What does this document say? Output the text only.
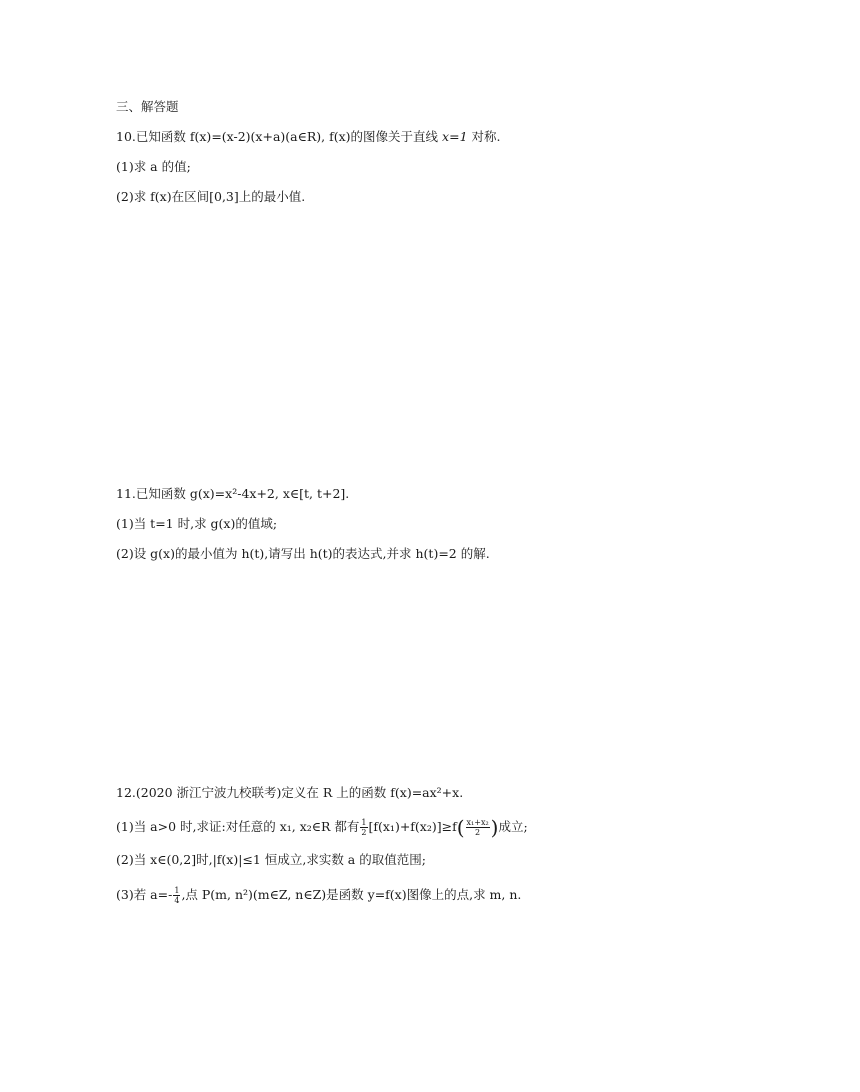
三、解答题
10.已知函数 f(x)=(x-2)(x+a)(a∈R), f(x)的图像关于直线 x=1 对称.
(1)求 a 的值;
(2)求 f(x)在区间[0,3]上的最小值.
11.已知函数 g(x)=x²-4x+2, x∈[t, t+2].
(1)当 t=1 时,求 g(x)的值域;
(2)设 g(x)的最小值为 h(t),请写出 h(t)的表达式,并求 h(t)=2 的解.
12.(2020 浙江宁波九校联考)定义在 R 上的函数 f(x)=ax²+x.
(1)当 a>0 时,求证:对任意的 x₁, x₂∈R 都有 $\frac{1}{2} [f(x_1)+f(x_2)]\ge f( \frac{\text{x₁+x₂}}{2}$ )成立;
(2)当 x∈(0,2]时,|f(x)|≤1 恒成立,求实数 a 的取值范围;
(3)若 $a=- \frac{1}{4}$ ,点 P(m, n²)(m∈Z, n∈Z)是函数 y=f(x)图像上的点,求 m, n.
